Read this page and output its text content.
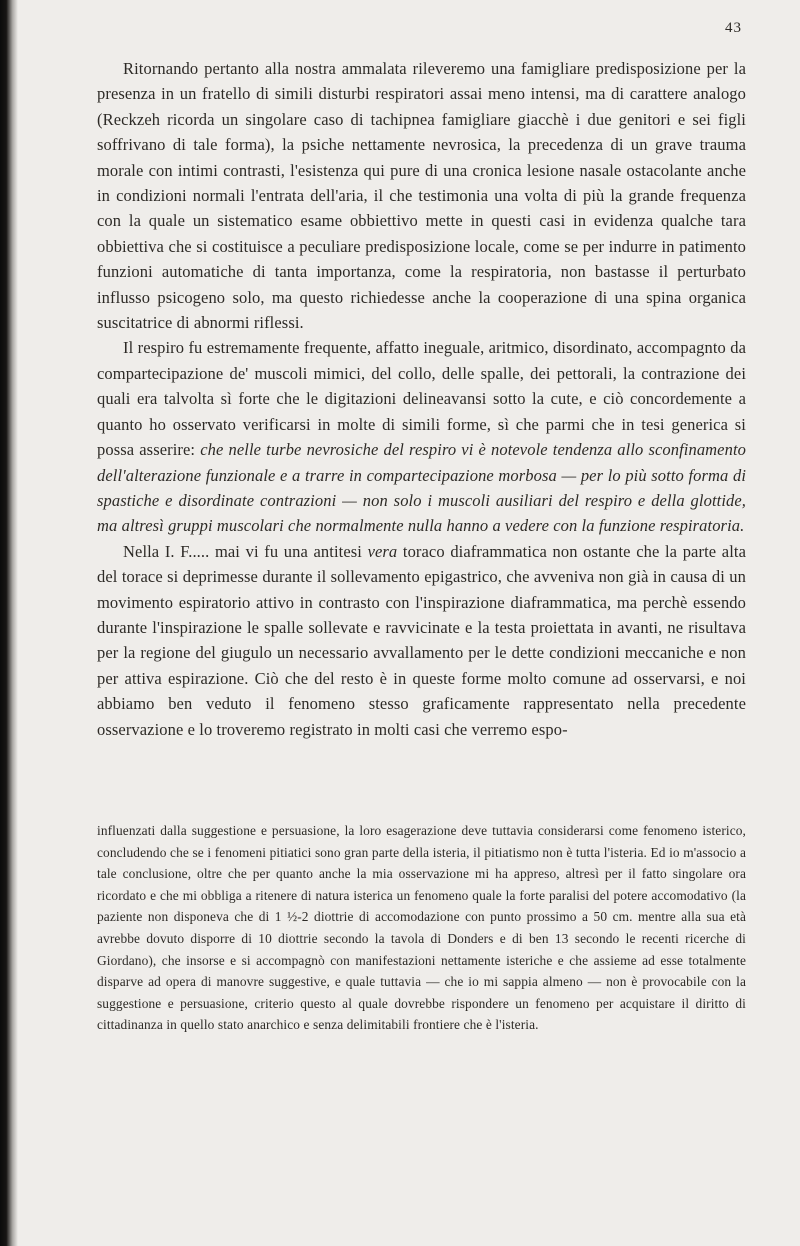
43

Ritornando pertanto alla nostra ammalata rileveremo una famigliare predisposizione per la presenza in un fratello di simili disturbi respiratori assai meno intensi, ma di carattere analogo (Reckzeh ricorda un singolare caso di tachipnea famigliare giacchè i due genitori e sei figli soffrivano di tale forma), la psiche nettamente nevrosica, la precedenza di un grave trauma morale con intimi contrasti, l'esistenza qui pure di una cronica lesione nasale ostacolante anche in condizioni normali l'entrata dell'aria, il che testimonia una volta di più la grande frequenza con la quale un sistematico esame obbiettivo mette in questi casi in evidenza qualche tara obbiettiva che si costituisce a peculiare predisposizione locale, come se per indurre in patimento funzioni automatiche di tanta importanza, come la respiratoria, non bastasse il perturbato influsso psicogeno solo, ma questo richiedesse anche la cooperazione di una spina organica suscitatrice di abnormi riflessi.

Il respiro fu estremamente frequente, affatto ineguale, aritmico, disordinato, accompagnto da compartecipazione de' muscoli mimici, del collo, delle spalle, dei pettorali, la contrazione dei quali era talvolta sì forte che le digitazioni delineavansi sotto la cute, e ciò concordemente a quanto ho osservato verificarsi in molte di simili forme, sì che parmi che in tesi generica si possa asserire: che nelle turbe nevrosiche del respiro vi è notevole tendenza allo sconfinamento dell'alterazione funzionale e a trarre in compartecipazione morbosa — per lo più sotto forma di spastiche e disordinate contrazioni — non solo i muscoli ausiliari del respiro e della glottide, ma altresì gruppi muscolari che normalmente nulla hanno a vedere con la funzione respiratoria.

Nella I. F..... mai vi fu una antitesi vera toraco diaframmatica non ostante che la parte alta del torace si deprimesse durante il sollevamento epigastrico, che avveniva non già in causa di un movimento espiratorio attivo in contrasto con l'inspirazione diaframmatica, ma perchè essendo durante l'inspirazione le spalle sollevate e ravvicinate e la testa proiettata in avanti, ne risultava per la regione del giugulo un necessario avvallamento per le dette condizioni meccaniche e non per attiva espirazione. Ciò che del resto è in queste forme molto comune ad osservarsi, e noi abbiamo ben veduto il fenomeno stesso graficamente rappresentato nella precedente osservazione e lo troveremo registrato in molti casi che verremo espo-

influenzati dalla suggestione e persuasione, la loro esagerazione deve tuttavia considerarsi come fenomeno isterico, concludendo che se i fenomeni pitiatici sono gran parte della isteria, il pitiatismo non è tutta l'isteria. Ed io m'associo a tale conclusione, oltre che per quanto anche la mia osservazione mi ha appreso, altresì per il fatto singolare ora ricordato e che mi obbliga a ritenere di natura isterica un fenomeno quale la forte paralisi del potere accomodativo (la paziente non disponeva che di 1 ½-2 diottrie di accomodazione con punto prossimo a 50 cm. mentre alla sua età avrebbe dovuto disporre di 10 diottrie secondo la tavola di Donders e di ben 13 secondo le recenti ricerche di Giordano), che insorse e si accompagnò con manifestazioni nettamente isteriche e che assieme ad esse totalmente disparve ad opera di manovre suggestive, e quale tuttavia — che io mi sappia almeno — non è provocabile con la suggestione e persuasione, criterio questo al quale dovrebbe rispondere un fenomeno per acquistare il diritto di cittadinanza in quello stato anarchico e senza delimitabili frontiere che è l'isteria.
